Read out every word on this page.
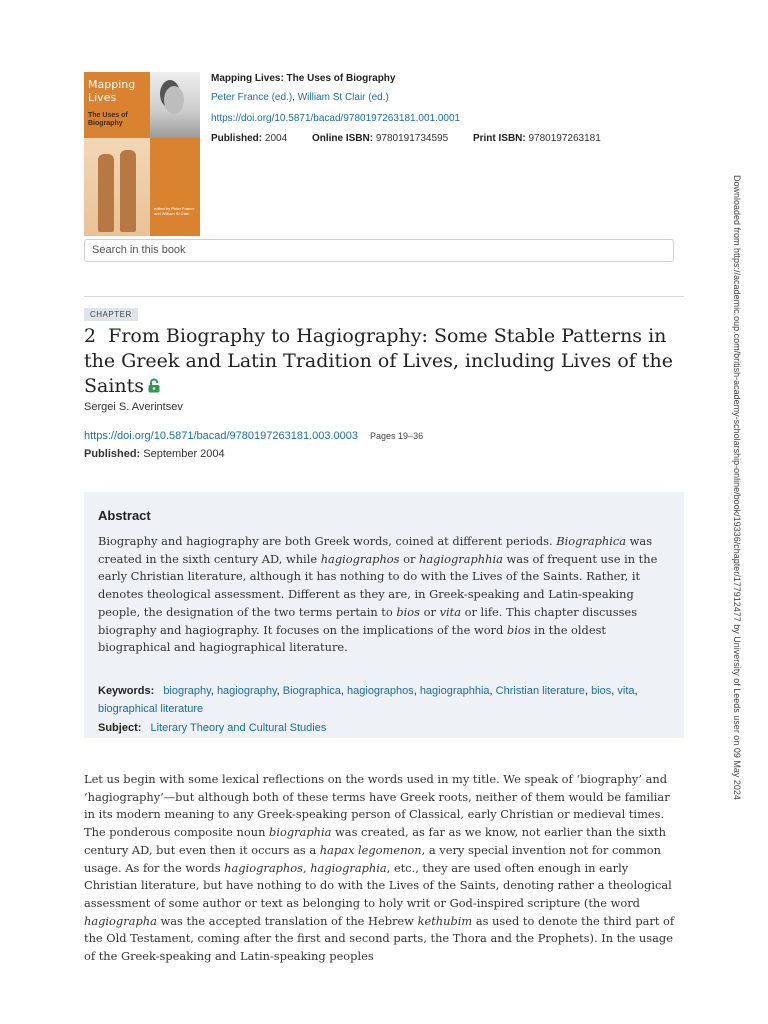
Mapping Lives
The Uses of Biography
edited by Peter France and William St Clair
Mapping Lives: The Uses of Biography
Peter France (ed.), William St Clair (ed.)
https://doi.org/10.5871/bacad/9780197263181.001.0001
Published: 2004 Online ISBN: 9780191734595 Print ISBN: 9780197263181
Search in this book
CHAPTER
2 From Biography to Hagiography: Some Stable Patterns in the Greek and Latin Tradition of Lives, including Lives of the Saints
Sergei S. Averintsev
https://doi.org/10.5871/bacad/9780197263181.003.0003 Pages 19–36
Published: September 2004
Abstract

Biography and hagiography are both Greek words, coined at different periods. Biographica was created in the sixth century AD, while hagiographos or hagiographhia was of frequent use in the early Christian literature, although it has nothing to do with the Lives of the Saints. Rather, it denotes theological assessment. Different as they are, in Greek-speaking and Latin-speaking people, the designation of the two terms pertain to bios or vita or life. This chapter discusses biography and hagiography. It focuses on the implications of the word bios in the oldest biographical and hagiographical literature.

Keywords: biography, hagiography, Biographica, hagiographos, hagiographhia, Christian literature, bios, vita, biographical literature
Subject: Literary Theory and Cultural Studies

Let us begin with some lexical reflections on the words used in my title. We speak of ‘biography’ and ‘hagiography’—but although both of these terms have Greek roots, neither of them would be familiar in its modern meaning to any Greek-speaking person of Classical, early Christian or medieval times. The ponderous composite noun biographia was created, as far as we know, not earlier than the sixth century AD, but even then it occurs as a hapax legomenon, a very special invention not for common usage. As for the words hagiographos, hagiographia, etc., they are used often enough in early Christian literature, but have nothing to do with the Lives of the Saints, denoting rather a theological assessment of some author or text as belonging to holy writ or God-inspired scripture (the word hagiographa was the accepted translation of the Hebrew kethubim as used to denote the third part of the Old Testament, coming after the first and second parts, the Thora and the Prophets). In the usage of the Greek-speaking and Latin-speaking peoples

Downloaded from https://academic.oup.com/british-academy-scholarship-online/book/19336/chapter/177912477 by University of Leeds user on 09 May 2024
